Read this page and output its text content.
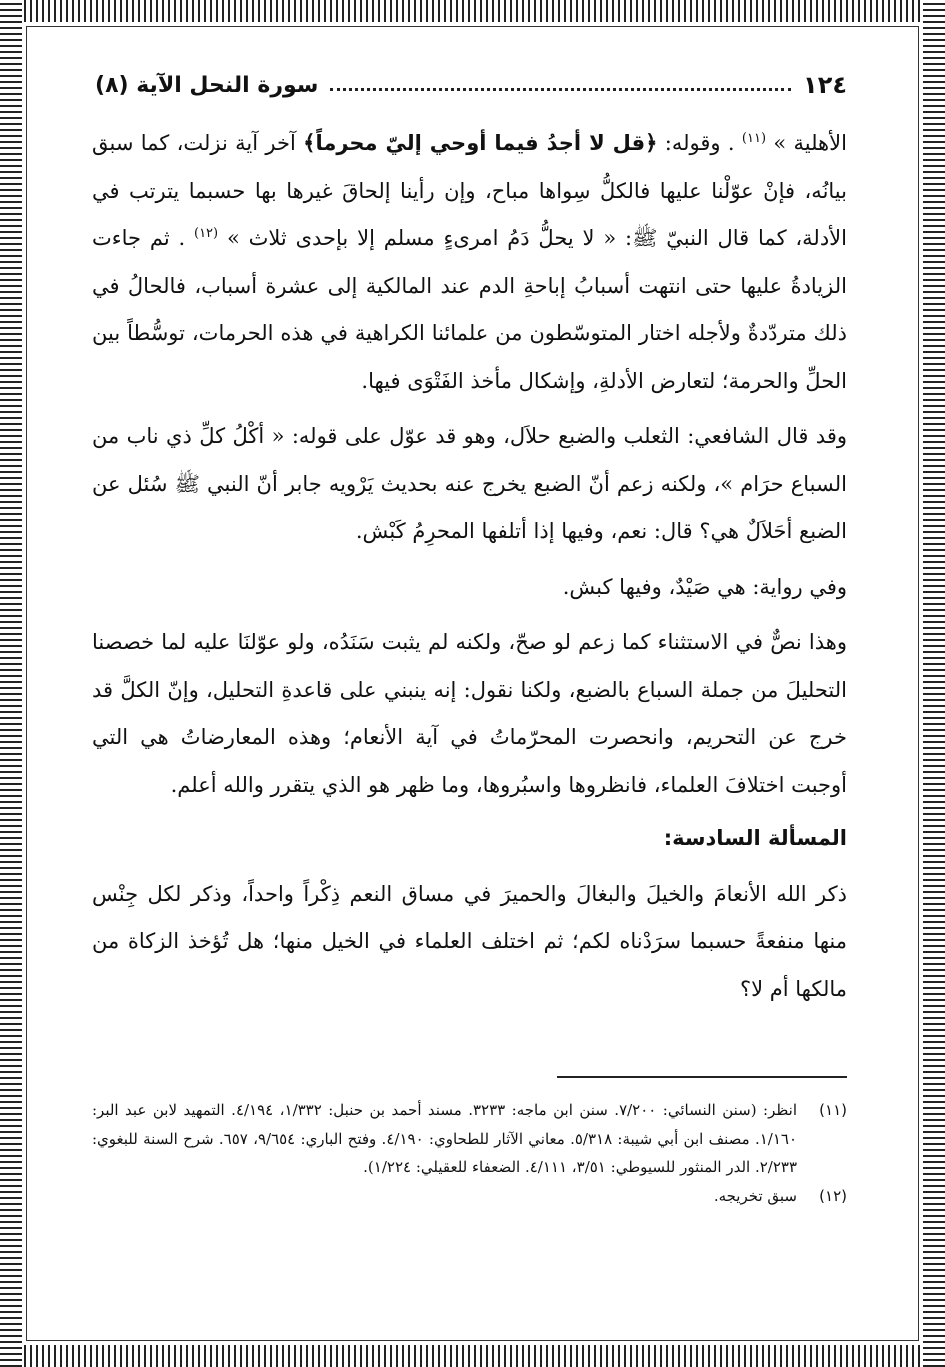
١٢٤
سورة النحل الآية (٨)

الأهلية » $^{(١١)}$ . وقوله: ﴿قل لا أجدُ فيما أوحي إليّ محرماً﴾ آخر آية نزلت، كما سبق بيانُه، فإنْ عوّلْنا عليها فالكلُّ سِواها مباح، وإن رأينا إلحاقَ غيرها بها حسبما يترتب في الأدلة، كما قال النبيّ ﷺ: « لا يحلُّ دَمُ امرىءٍ مسلم إلا بإحدى ثلاث » $^{(١٢)}$ . ثم جاءت الزيادةُ عليها حتى انتهت أسبابُ إباحةِ الدم عند المالكية إلى عشرة أسباب، فالحالُ في ذلك متردّدةٌ ولأجله اختار المتوسّطون من علمائنا الكراهية في هذه الحرمات، توسُّطاً بين الحلِّ والحرمة؛ لتعارض الأدلةِ، وإشكال مأخذ الفَتْوَى فيها.

وقد قال الشافعي: الثعلب والضبع حلاَل، وهو قد عوّل على قوله: « أكْلُ كلِّ ذي ناب من السباع حرَام »، ولكنه زعم أنّ الضبع يخرج عنه بحديث يَرْويه جابر أنّ النبي ﷺ سُئل عن الضبع أحَلاَلٌ هي؟ قال: نعم، وفيها إذا أتلفها المحرِمُ كَبْش.

وفي رواية: هي صَيْدٌ، وفيها كبش.

وهذا نصٌّ في الاستثناء كما زعم لو صحّ، ولكنه لم يثبت سَنَدُه، ولو عوّلنَا عليه لما خصصنا التحليلَ من جملة السباع بالضبع، ولكنا نقول: إنه ينبني على قاعدةِ التحليل، وإنّ الكلَّ قد خرج عن التحريم، وانحصرت المحرّماتُ في آية الأنعام؛ وهذه المعارضاتُ هي التي أوجبت اختلافَ العلماء، فانظروها واسبُروها، وما ظهر هو الذي يتقرر والله أعلم.

المسألة السادسة:

ذكر الله الأنعامَ والخيلَ والبغالَ والحميرَ في مساق النعم ذِكْراً واحداً، وذكر لكل جِنْس منها منفعةً حسبما سرَدْناه لكم؛ ثم اختلف العلماء في الخيل منها؛ هل تُؤخذ الزكاة من مالكها أم لا؟

(١١)
انظر: (سنن النسائي: ٧/٢٠٠. سنن ابن ماجه: ٣٢٣٣. مسند أحمد بن حنبل: ١/٣٣٢، ٤/١٩٤. التمهيد لابن عبد البر: ١/١٦٠. مصنف ابن أبي شيبة: ٥/٣١٨. معاني الآثار للطحاوي: ٤/١٩٠. وفتح الباري: ٩/٦٥٤، ٦٥٧. شرح السنة للبغوي: ٢/٢٣٣. الدر المنثور للسيوطي: ٣/٥١، ٤/١١١. الضعفاء للعقيلي: ١/٢٢٤).
(١٢)
سبق تخريجه.
